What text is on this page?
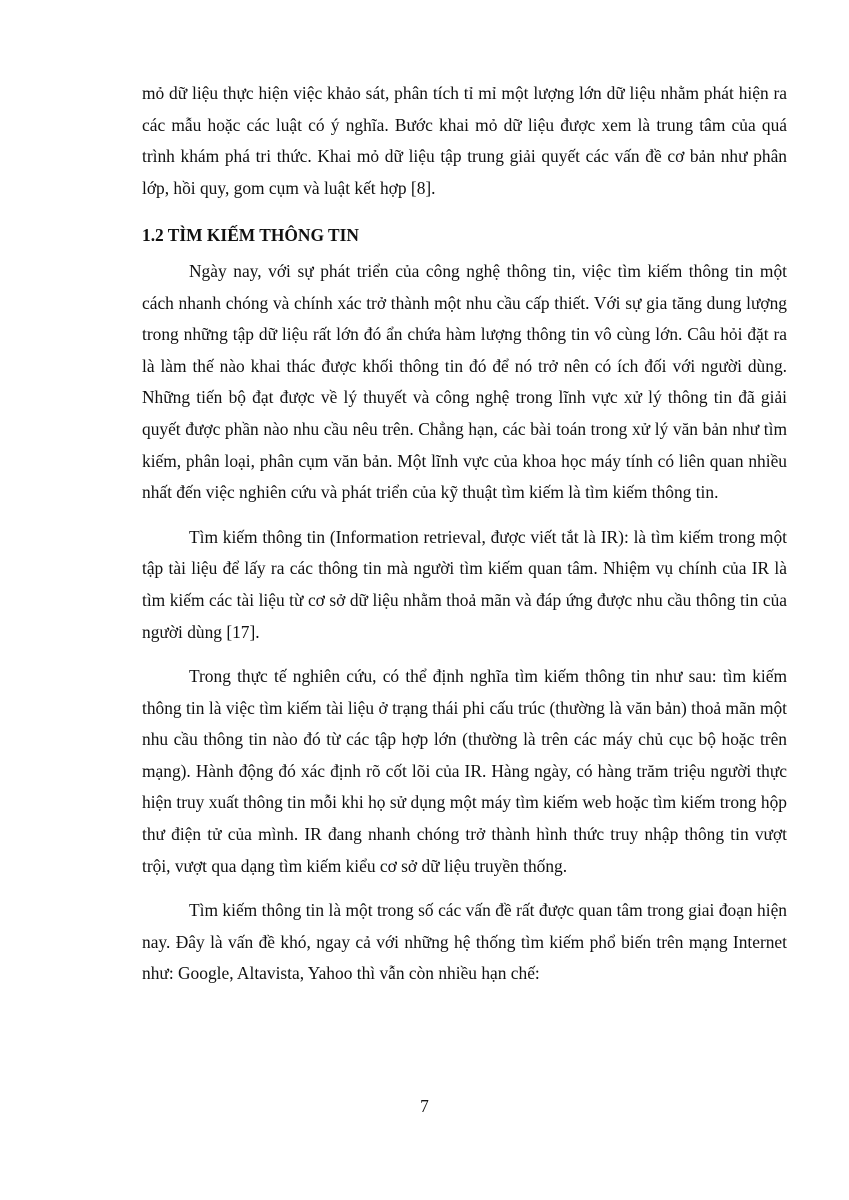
mỏ dữ liệu thực hiện việc khảo sát, phân tích tỉ mỉ một lượng lớn dữ liệu nhằm phát hiện ra các mẫu hoặc các luật có ý nghĩa. Bước khai mỏ dữ liệu được xem là trung tâm của quá trình khám phá tri thức. Khai mỏ dữ liệu tập trung giải quyết các vấn đề cơ bản như phân lớp, hồi quy, gom cụm và luật kết hợp [8].

1.2 TÌM KIẾM THÔNG TIN

Ngày nay, với sự phát triển của công nghệ thông tin, việc tìm kiếm thông tin một cách nhanh chóng và chính xác trở thành một nhu cầu cấp thiết. Với sự gia tăng dung lượng trong những tập dữ liệu rất lớn đó ẩn chứa hàm lượng thông tin vô cùng lớn. Câu hỏi đặt ra là làm thế nào khai thác được khối thông tin đó để nó trở nên có ích đối với người dùng. Những tiến bộ đạt được về lý thuyết và công nghệ trong lĩnh vực xử lý thông tin đã giải quyết được phần nào nhu cầu nêu trên. Chẳng hạn, các bài toán trong xử lý văn bản như tìm kiếm, phân loại, phân cụm văn bản. Một lĩnh vực của khoa học máy tính có liên quan nhiều nhất đến việc nghiên cứu và phát triển của kỹ thuật tìm kiếm là tìm kiếm thông tin.

Tìm kiếm thông tin (Information retrieval, được viết tắt là IR): là tìm kiếm trong một tập tài liệu để lấy ra các thông tin mà người tìm kiếm quan tâm. Nhiệm vụ chính của IR là tìm kiếm các tài liệu từ cơ sở dữ liệu nhằm thoả mãn và đáp ứng được nhu cầu thông tin của người dùng [17].

Trong thực tế nghiên cứu, có thể định nghĩa tìm kiếm thông tin như sau: tìm kiếm thông tin là việc tìm kiếm tài liệu ở trạng thái phi cấu trúc (thường là văn bản) thoả mãn một nhu cầu thông tin nào đó từ các tập hợp lớn (thường là trên các máy chủ cục bộ hoặc trên mạng). Hành động đó xác định rõ cốt lõi của IR. Hàng ngày, có hàng trăm triệu người thực hiện truy xuất thông tin mỗi khi họ sử dụng một máy tìm kiếm web hoặc tìm kiếm trong hộp thư điện tử của mình. IR đang nhanh chóng trở thành hình thức truy nhập thông tin vượt trội, vượt qua dạng tìm kiếm kiểu cơ sở dữ liệu truyền thống.

Tìm kiếm thông tin là một trong số các vấn đề rất được quan tâm trong giai đoạn hiện nay. Đây là vấn đề khó, ngay cả với những hệ thống tìm kiếm phổ biến trên mạng Internet như: Google, Altavista, Yahoo thì vẫn còn nhiều hạn chế:

7
